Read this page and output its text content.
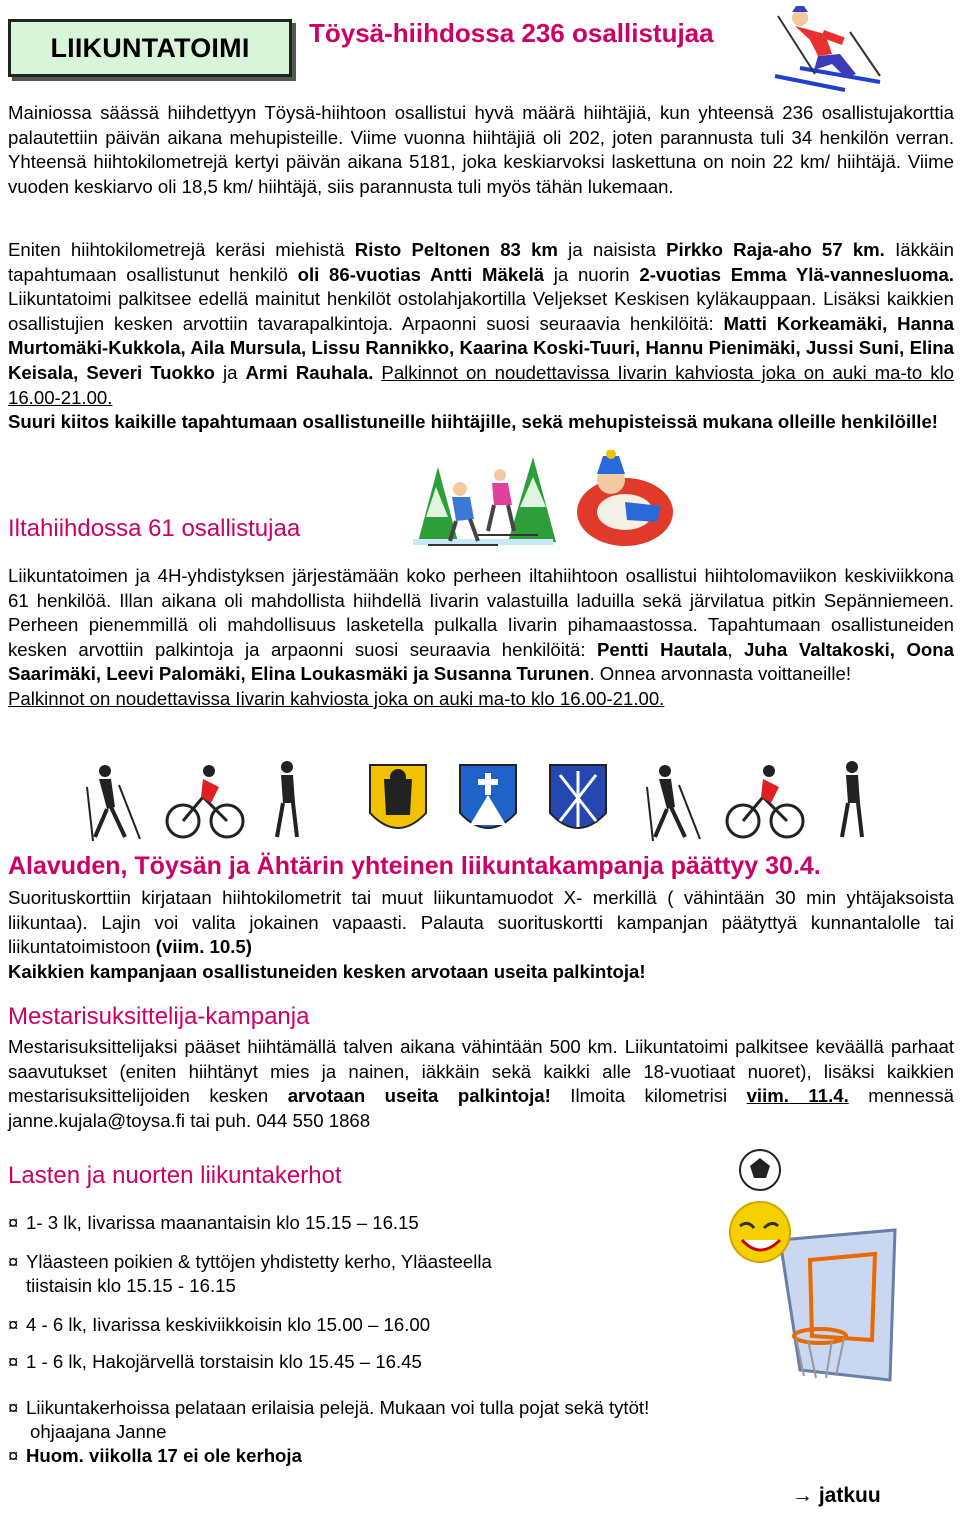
LIIKUNTATOIMI Töysä-hiihdossa 236 osallistujaa

Mainiossa säässä hiihdettyyn Töysä-hiihtoon osallistui hyvä määrä hiihtäjiä, kun yhteensä 236 osallistujakorttia palautettiin päivän aikana mehupisteille. Viime vuonna hiihtäjiä oli 202, joten parannusta tuli 34 henkilön verran. Yhteensä hiihtokilometrejä kertyi päivän aikana 5181, joka keskiarvoksi laskettuna on noin 22 km/ hiihtäjä. Viime vuoden keskiarvo oli 18,5 km/ hiihtäjä, siis parannusta tuli myös tähän lukemaan.

Eniten hiihtokilometrejä keräsi miehistä Risto Peltonen 83 km ja naisista Pirkko Raja-aho 57 km. Iäkkäin tapahtumaan osallistunut henkilö oli 86-vuotias Antti Mäkelä ja nuorin 2-vuotias Emma Ylä-vannesluoma. Liikuntatoimi palkitsee edellä mainitut henkilöt ostolahjakortilla Veljekset Keskisen kyläkauppaan. Lisäksi kaikkien osallistujien kesken arvottiin tavarapalkintoja. Arpaonni suosi seuraavia henkilöitä: Matti Korkeamäki, Hanna Murtomäki-Kukkola, Aila Mursula, Lissu Rannikko, Kaarina Koski-Tuuri, Hannu Pienimäki, Jussi Suni, Elina Keisala, Severi Tuokko ja Armi Rauhala. Palkinnot on noudettavissa Iivarin kahviosta joka on auki ma-to klo 16.00-21.00.
Suuri kiitos kaikille tapahtumaan osallistuneille hiihtäjille, sekä mehupisteissä mukana olleille henkilöille!

Iltahiihdossa 61 osallistujaa

Liikuntatoimen ja 4H-yhdistyksen järjestämään koko perheen iltahiihtoon osallistui hiihtolomaviikon keskiviikkona 61 henkilöä. Illan aikana oli mahdollista hiihdellä Iivarin valastuilla laduilla sekä järvilatua pitkin Sepänniemeen. Perheen pienemmillä oli mahdollisuus lasketella pulkalla Iivarin pihamaastossa. Tapahtumaan osallistuneiden kesken arvottiin palkintoja ja arpaonni suosi seuraavia henkilöitä: Pentti Hautala, Juha Valtakoski, Oona Saarimäki, Leevi Palomäki, Elina Loukasmäki ja Susanna Turunen. Onnea arvonnasta voittaneille!
Palkinnot on noudettavissa Iivarin kahviosta joka on auki ma-to klo 16.00-21.00.

Alavuden, Töysän ja Ähtärin yhteinen liikuntakampanja päättyy 30.4.

Suorituskorttiin kirjataan hiihtokilometrit tai muut liikuntamuodot X- merkillä ( vähintään 30 min yhtäjaksoista liikuntaa). Lajin voi valita jokainen vapaasti. Palauta suorituskortti kampanjan päätyttyä kunnantalolle tai liikuntatoimistoon (viim. 10.5)
Kaikkien kampanjaan osallistuneiden kesken arvotaan useita palkintoja!

Mestarisuksittelija-kampanja

Mestarisuksittelijaksi pääset hiihtämällä talven aikana vähintään 500 km. Liikuntatoimi palkitsee keväällä parhaat saavutukset (eniten hiihtänyt mies ja nainen, iäkkäin sekä kaikki alle 18-vuotiaat nuoret), lisäksi kaikkien mestarisuksittelijoiden kesken arvotaan useita palkintoja! Ilmoita kilometrisi viim. 11.4. mennessä janne.kujala@toysa.fi tai puh. 044 550 1868

Lasten ja nuorten liikuntakerhot
¤ 1- 3 lk, Iivarissa maanantaisin klo 15.15 – 16.15
¤ Yläasteen poikien & tyttöjen yhdistetty kerho, Yläasteella
tiistaisin klo 15.15 - 16.15
¤ 4 - 6 lk, Iivarissa keskiviikkoisin klo 15.00 – 16.00
¤ 1 - 6 lk, Hakojärvellä torstaisin klo 15.45 – 16.45
¤ Liikuntakerhoissa pelataan erilaisia pelejä. Mukaan voi tulla pojat sekä tytöt!
ohjaajana Janne
¤ Huom. viikolla 17 ei ole kerhoja
→ jatkuu
